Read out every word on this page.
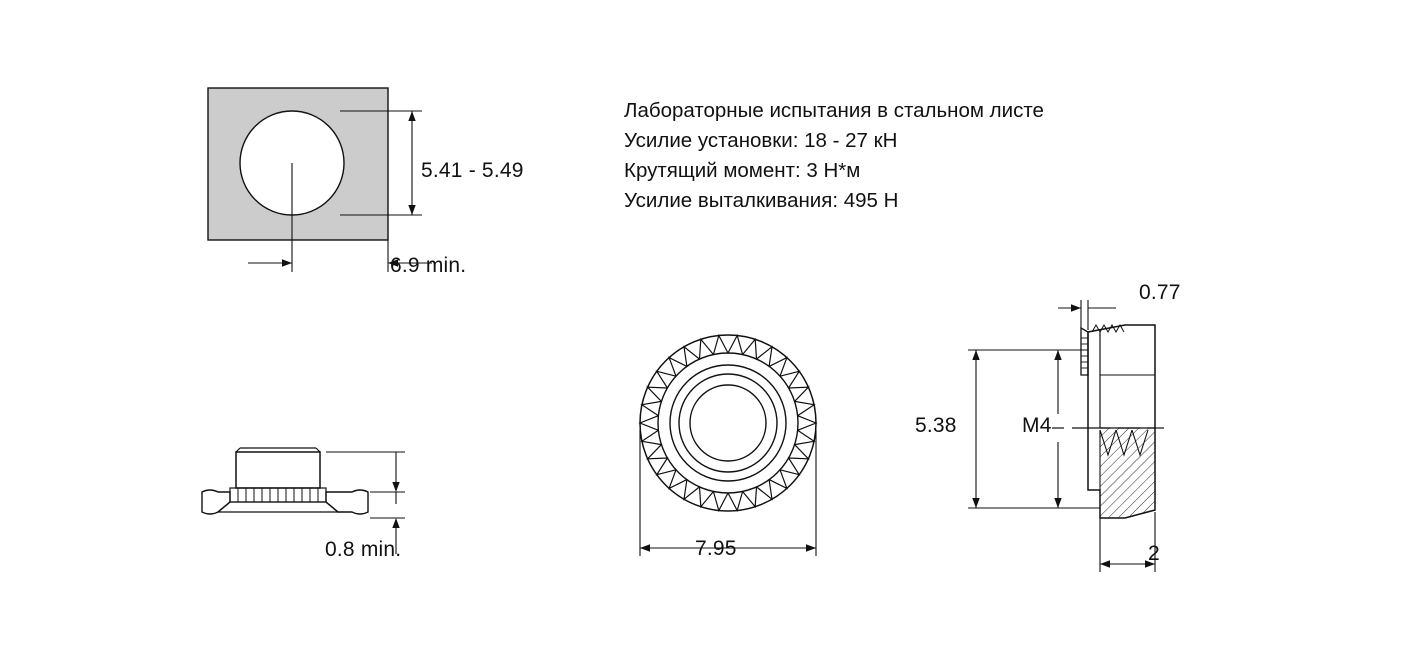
5.41 - 5.49
6.9 min.
0.8 min.
Лабораторные испытания в стальном листе
Усилие установки: 18 - 27 кН
Крутящий момент: 3 Н*м
Усилие выталкивания: 495 Н
7.95
0.77
5.38	M4
2
